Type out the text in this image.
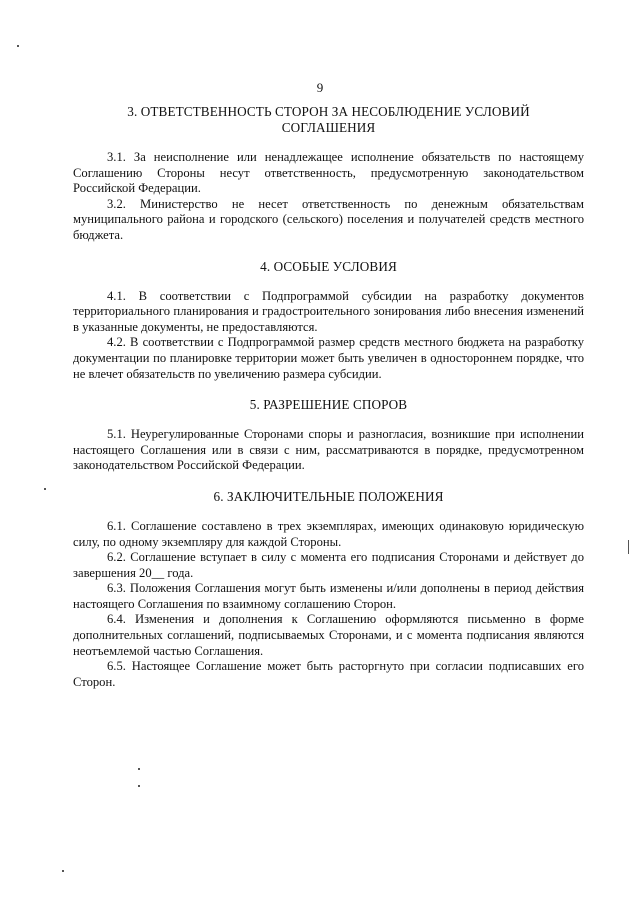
9

3. ОТВЕТСТВЕННОСТЬ СТОРОН ЗА НЕСОБЛЮДЕНИЕ УСЛОВИЙ
СОГЛАШЕНИЯ

3.1. За неисполнение или ненадлежащее исполнение обязательств по настоящему Соглашению Стороны несут ответственность, предусмотренную законодательством Российской Федерации.

3.2. Министерство не несет ответственность по денежным обязательствам муниципального района и городского (сельского) поселения и получателей средств местного бюджета.

4. ОСОБЫЕ УСЛОВИЯ

4.1. В соответствии с Подпрограммой субсидии на разработку документов территориального планирования и градостроительного зонирования либо внесения изменений в указанные документы, не предоставляются.

4.2. В соответствии с Подпрограммой размер средств местного бюджета на разработку документации по планировке территории может быть увеличен в одностороннем порядке, что не влечет обязательств по увеличению размера субсидии.

5. РАЗРЕШЕНИЕ СПОРОВ

5.1. Неурегулированные Сторонами споры и разногласия, возникшие при исполнении настоящего Соглашения или в связи с ним, рассматриваются в порядке, предусмотренном законодательством Российской Федерации.

6. ЗАКЛЮЧИТЕЛЬНЫЕ ПОЛОЖЕНИЯ

6.1. Соглашение составлено в трех экземплярах, имеющих одинаковую юридическую силу, по одному экземпляру для каждой Стороны.

6.2. Соглашение вступает в силу с момента его подписания Сторонами и действует до завершения 20__ года.

6.3. Положения Соглашения могут быть изменены и/или дополнены в период действия настоящего Соглашения по взаимному соглашению Сторон.

6.4. Изменения и дополнения к Соглашению оформляются письменно в форме дополнительных соглашений, подписываемых Сторонами, и с момента подписания являются неотъемлемой частью Соглашения.

6.5. Настоящее Соглашение может быть расторгнуто при согласии подписавших его Сторон.
